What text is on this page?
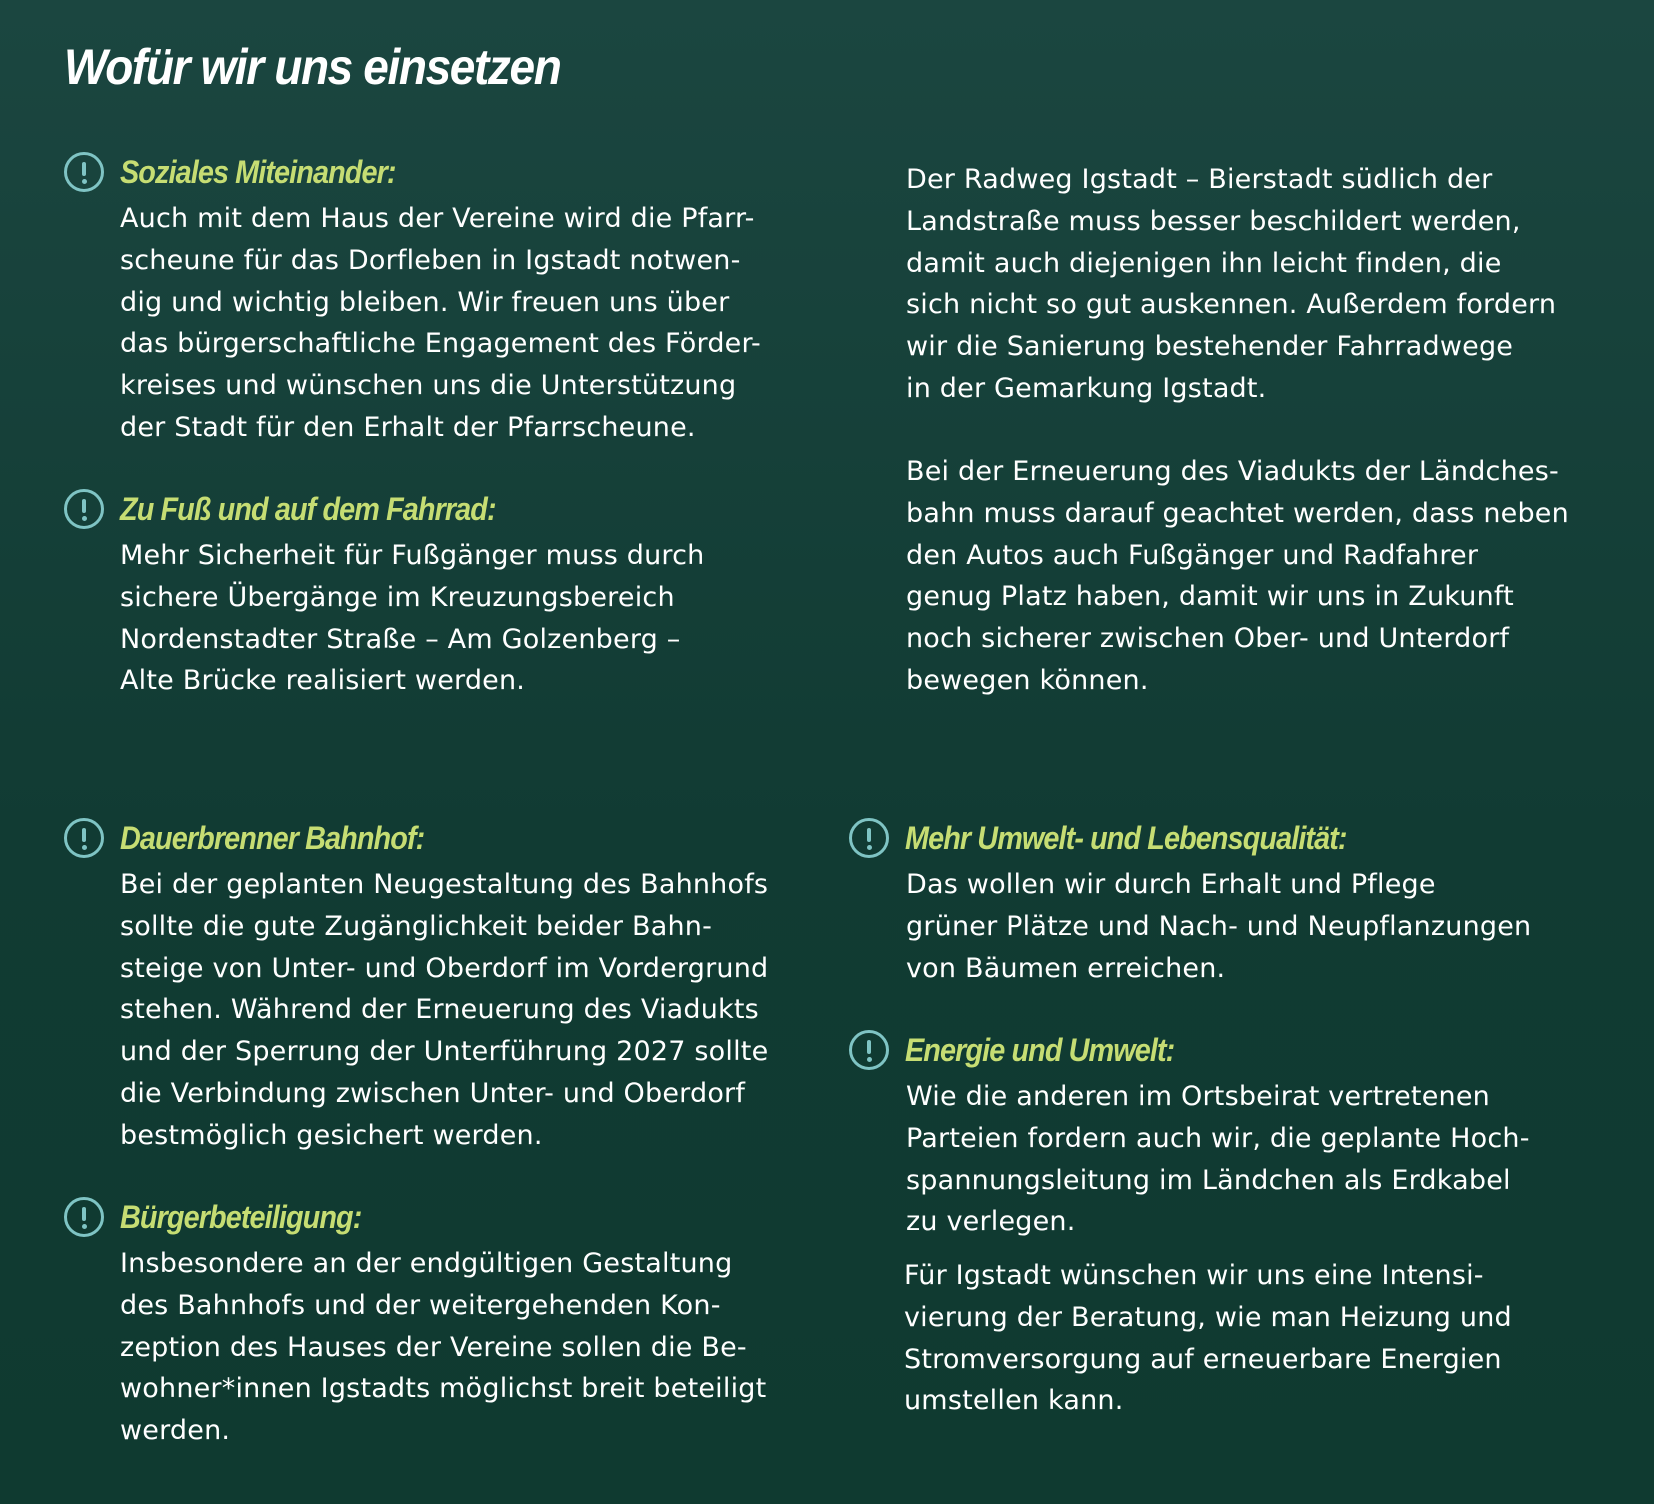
Wofür wir uns einsetzen
Soziales Miteinander:

Auch mit dem Haus der Vereine wird die Pfarr-
scheune für das Dorfleben in Igstadt notwen-
dig und wichtig bleiben. Wir freuen uns über
das bürgerschaftliche Engagement des Förder-
kreises und wünschen uns die Unterstützung
der Stadt für den Erhalt der Pfarrscheune.

Zu Fuß und auf dem Fahrrad:

Mehr Sicherheit für Fußgänger muss durch
sichere Übergänge im Kreuzungsbereich
Nordenstadter Straße – Am Golzenberg –
Alte Brücke realisiert werden.

Dauerbrenner Bahnhof:

Bei der geplanten Neugestaltung des Bahnhofs
sollte die gute Zugänglichkeit beider Bahn-
steige von Unter- und Oberdorf im Vordergrund
stehen. Während der Erneuerung des Viadukts
und der Sperrung der Unterführung 2027 sollte
die Verbindung zwischen Unter- und Oberdorf
bestmöglich gesichert werden.

Bürgerbeteiligung:

Insbesondere an der endgültigen Gestaltung
des Bahnhofs und der weitergehenden Kon-
zeption des Hauses der Vereine sollen die Be-
wohner*innen Igstadts möglichst breit beteiligt
werden.

Der Radweg Igstadt – Bierstadt südlich der
Landstraße muss besser beschildert werden,
damit auch diejenigen ihn leicht finden, die
sich nicht so gut auskennen. Außerdem fordern
wir die Sanierung bestehender Fahrradwege
in der Gemarkung Igstadt.

Bei der Erneuerung des Viadukts der Ländches-
bahn muss darauf geachtet werden, dass neben
den Autos auch Fußgänger und Radfahrer
genug Platz haben, damit wir uns in Zukunft
noch sicherer zwischen Ober- und Unterdorf
bewegen können.

Mehr Umwelt- und Lebensqualität:

Das wollen wir durch Erhalt und Pflege
grüner Plätze und Nach- und Neupflanzungen
von Bäumen erreichen.

Energie und Umwelt:

Wie die anderen im Ortsbeirat vertretenen
Parteien fordern auch wir, die geplante Hoch-
spannungsleitung im Ländchen als Erdkabel
zu verlegen.

Für Igstadt wünschen wir uns eine Intensi-
vierung der Beratung, wie man Heizung und
Stromversorgung auf erneuerbare Energien
umstellen kann.
